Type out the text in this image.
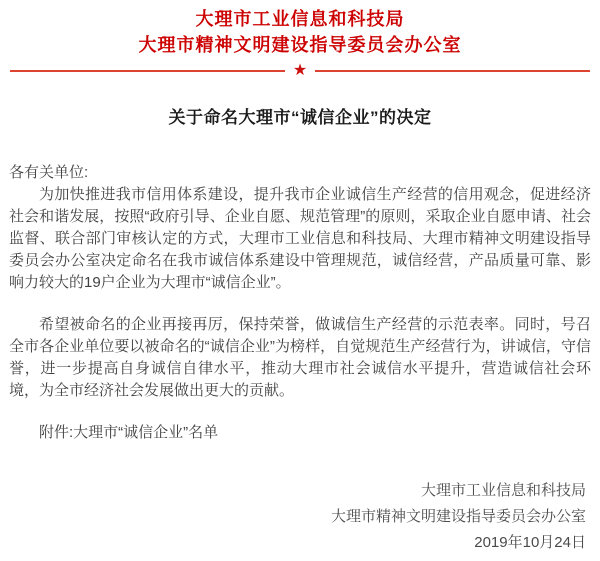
大理市工业信息和科技局
大理市精神文明建设指导委员会办公室
★
关于命名大理市“诚信企业”的决定
各有关单位:
为加快推进我市信用体系建设，提升我市企业诚信生产经营的信用观念，促进经济社会和谐发展，按照“政府引导、企业自愿、规范管理”的原则，采取企业自愿申请、社会监督、联合部门审核认定的方式，大理市工业信息和科技局、大理市精神文明建设指导委员会办公室决定命名在我市诚信体系建设中管理规范，诚信经营，产品质量可靠、影响力较大的19户企业为大理市“诚信企业”。
希望被命名的企业再接再厉，保持荣誉，做诚信生产经营的示范表率。同时，号召全市各企业单位要以被命名的“诚信企业”为榜样，自觉规范生产经营行为，讲诚信，守信誉，进一步提高自身诚信自律水平，推动大理市社会诚信水平提升，营造诚信社会环境，为全市经济社会发展做出更大的贡献。
附件:大理市“诚信企业”名单
大理市工业信息和科技局
大理市精神文明建设指导委员会办公室
2019年10月24日
